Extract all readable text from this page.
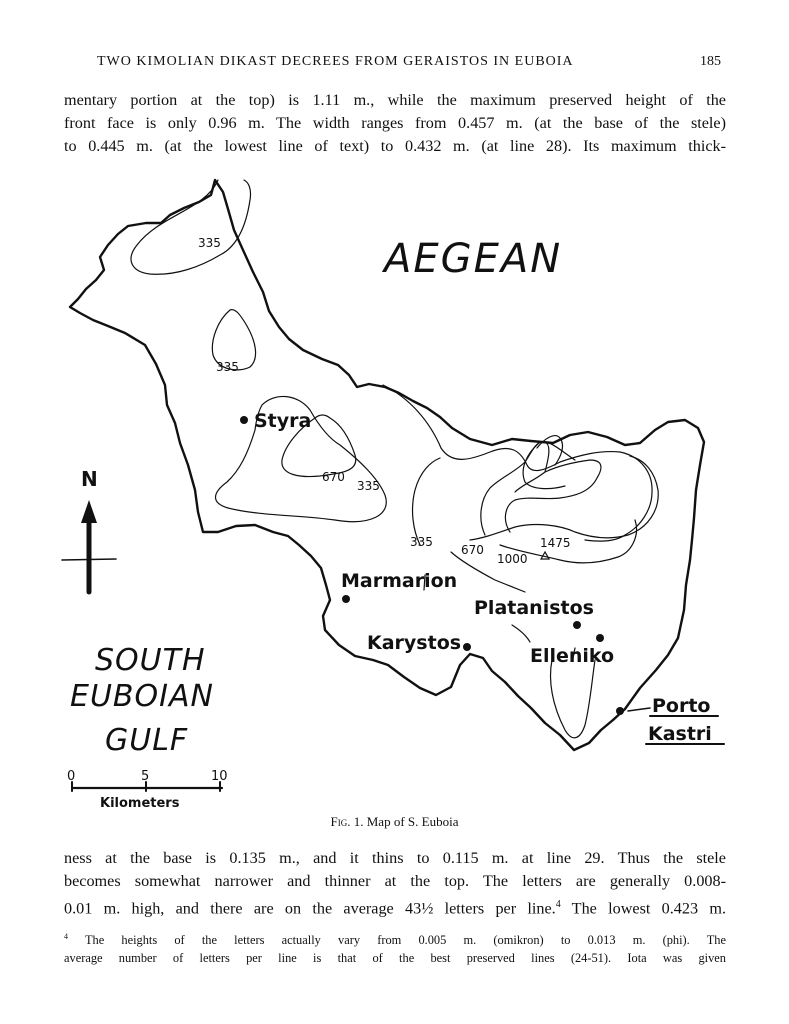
TWO KIMOLIAN DIKAST DECREES FROM GERAISTOS IN EUBOIA	185
mentary portion at the top) is 1.11 m., while the maximum preserved height of the
front face is only 0.96 m. The width ranges from 0.457 m. (at the base of the stele)
to 0.445 m. (at the lowest line of text) to 0.432 m. (at line 28). Its maximum thick-
AEGEAN
SOUTH
EUBOIAN
GULF
Styra
Marmarion
Platanistos
Karystos
Elleniko
Porto
Kastri
335
335
670
335
335
670
1000
1475
N
0	5	10
Kilometers
Fig. 1. Map of S. Euboia
ness at the base is 0.135 m., and it thins to 0.115 m. at line 29. Thus the stele
becomes somewhat narrower and thinner at the top. The letters are generally 0.008-
0.01 m. high, and there are on the average 43½ letters per line.$^4$ The lowest 0.423 m.
$^4$ The heights of the letters actually vary from 0.005 m. (omikron) to 0.013 m. (phi). The
average number of letters per line is that of the best preserved lines (24-51). Iota was given
